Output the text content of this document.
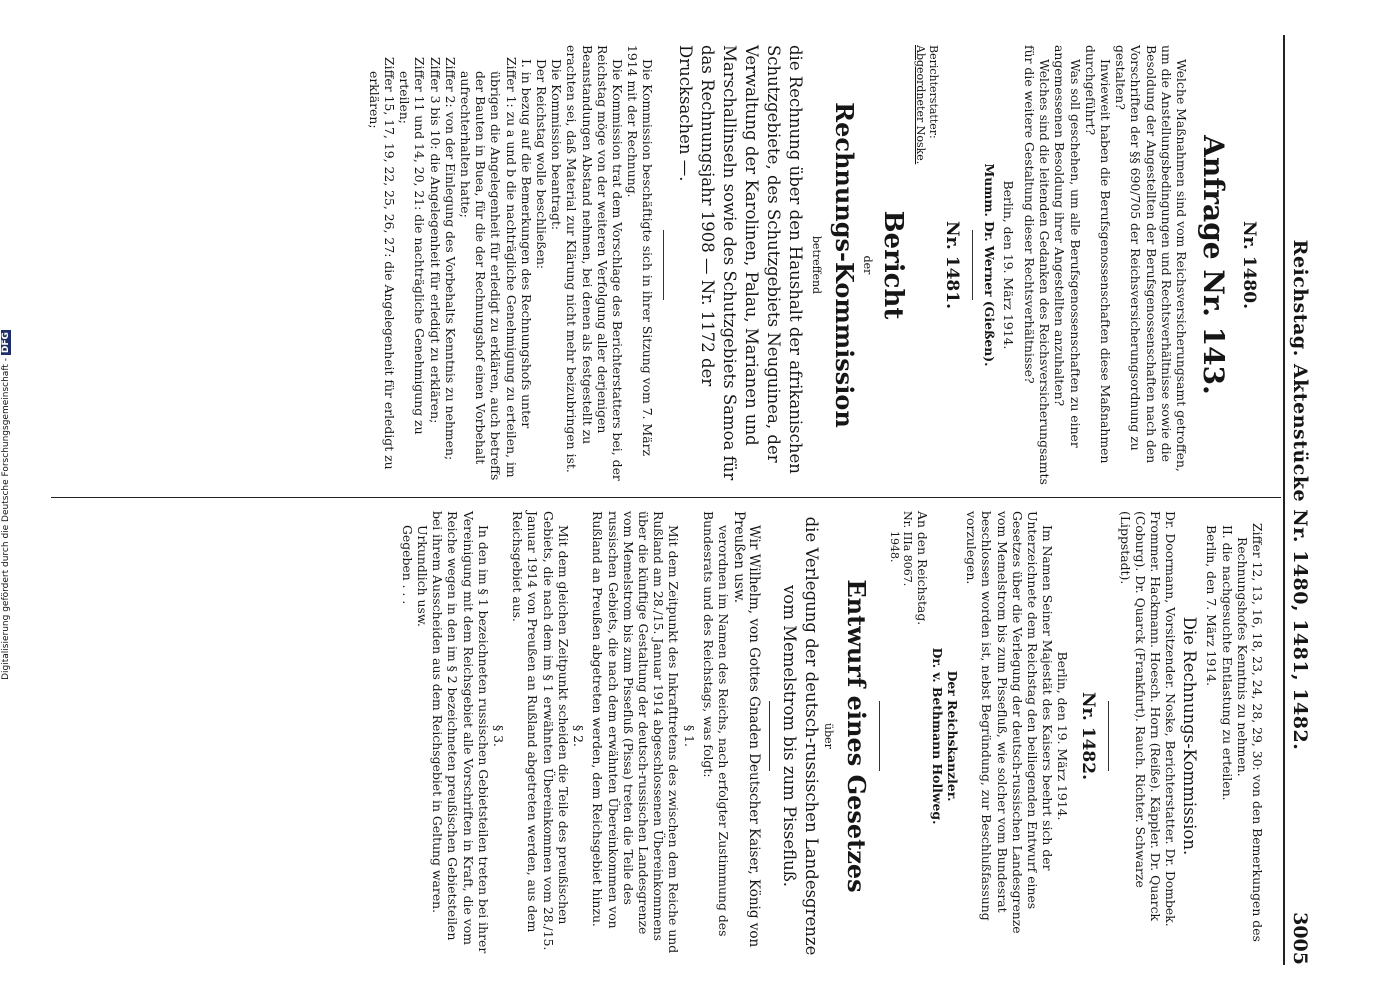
Reichstag. Aktenstücke Nr. 1480, 1481, 1482.
3005
Nr. 1480.
Anfrage Nr. 143.

Welche Maßnahmen sind vom Reichsversicherungsamt getroffen, um die Anstellungsbedingungen und Rechtsverhältnisse sowie die Besoldung der Angestellten der Berufsgenossenschaften nach den Vorschriften der §§ 690/705 der Reichsversicherungsordnung zu gestalten?

Inwieweit haben die Berufsgenossenschaften diese Maßnahmen durchgeführt?

Was soll geschehen, um alle Berufsgenossenschaften zu einer angemessenen Besoldung ihrer Angestellten anzuhalten?

Welches sind die leitenden Gedanken des Reichsversicherungsamts für die weitere Gestaltung dieser Rechtsverhältnisse?

Berlin, den 19. März 1914.

Mumm. Dr. Werner (Gießen).

Nr. 1481.

Berichterstatter:

Abgeordneter Noske.

Bericht

der

Rechnungs-Kommission

betreffend

die Rechnung über den Haushalt der afrikanischen Schutzgebiete, des Schutzgebiets Neuguinea, der Verwaltung der Karolinen, Palau, Marianen und Marschallinseln sowie des Schutzgebiets Samoa für das Rechnungsjahr 1908 — Nr. 1172 der Drucksachen —.

Die Kommission beschäftigte sich in ihrer Sitzung vom 7. März 1914 mit der Rechnung.

Die Kommission trat dem Vorschlage des Berichterstatters bei, der Reichstag möge von der weiteren Verfolgung aller derjenigen Beanstandungen Abstand nehmen, bei denen als festgestellt zu erachten sei, daß Material zur Klärung nicht mehr beizubringen ist.

Die Kommission beantragt:

Der Reichstag wolle beschließen:

I. in bezug auf die Bemerkungen des Rechnungshofs unter

Ziffer 1: zu a und b die nachträgliche Genehmigung zu erteilen, im übrigen die Angelegenheit für erledigt zu erklären, auch betreffs der Bauten in Buea, für die der Rechnungshof einen Vorbehalt aufrechterhalten hatte;

Ziffer 2: von der Einlegung des Vorbehalts Kenntnis zu nehmen;

Ziffer 3 bis 10: die Angelegenheit für erledigt zu erklären;

Ziffer 11 und 14, 20, 21: die nachträgliche Genehmigung zu erteilen;

Ziffer 15, 17, 19, 22, 25, 26, 27: die Angelegenheit für erledigt zu erklären;

Ziffer 12, 13, 16, 18, 23, 24, 28, 29, 30: von den Bemerkungen des Rechnungshofes Kenntnis zu nehmen.

II. die nachgesuchte Entlastung zu erteilen.

Berlin, den 7. März 1914.

Die Rechnungs-Kommission.

Dr. Doormann, Vorsitzender. Noske, Berichterstatter. Dr. Dombek. Frommer. Hackmann. Hoesch. Horn (Reiße). Käppler. Dr. Quarck (Coburg). Dr. Quarck (Frankfurt). Rauch. Richter. Schwarze (Lippstadt).

Nr. 1482.

Berlin, den 19. März 1914.

Im Namen Seiner Majestät des Kaisers beehrt sich der Unterzeichnete dem Reichstag den beiliegenden Entwurf eines Gesetzes über die Verlegung der deutsch-russischen Landesgrenze vom Memelstrom bis zum Pissefluß, wie solcher vom Bundesrat beschlossen worden ist, nebst Begründung, zur Beschlußfassung vorzulegen.

Der Reichskanzler.

Dr. v. Bethmann Hollweg.

An den Reichstag.

Nr. IIIa 8067.

1948.

Entwurf eines Gesetzes

über

die Verlegung der deutsch-russischen Landesgrenze vom Memelstrom bis zum Pissefluß.

Wir Wilhelm, von Gottes Gnaden Deutscher Kaiser, König von Preußen usw.

verordnen im Namen des Reichs, nach erfolgter Zustimmung des Bundesrats und des Reichstags, was folgt:

§ 1.

Mit dem Zeitpunkt des Inkrafttretens des zwischen dem Reiche und Rußland am 28./15. Januar 1914 abgeschlossenen Übereinkommens über die künftige Gestaltung der deutsch-russischen Landesgrenze vom Memelstrom bis zum Pissefluß (Pissa) treten die Teile des russischen Gebiets, die nach dem erwähnten Übereinkommen von Rußland an Preußen abgetreten werden, dem Reichsgebiet hinzu.

§ 2.

Mit dem gleichen Zeitpunkt scheiden die Teile des preußischen Gebiets, die nach dem im § 1 erwähnten Übereinkommen vom 28./15. Januar 1914 von Preußen an Rußland abgetreten werden, aus dem Reichsgebiet aus.

§ 3.

In den im § 1 bezeichneten russischen Gebietsteilen treten bei ihrer Vereinigung mit dem Reichsgebiet alle Vorschriften in Kraft, die vom Reiche wegen in den im § 2 bezeichneten preußischen Gebietsteilen bei ihrem Ausscheiden aus dem Reichsgebiet in Geltung waren.

Urkundlich usw.

Gegeben . . .

Digitalisierung gefördert durch die Deutsche Forschungsgemeinschaft - DFG
